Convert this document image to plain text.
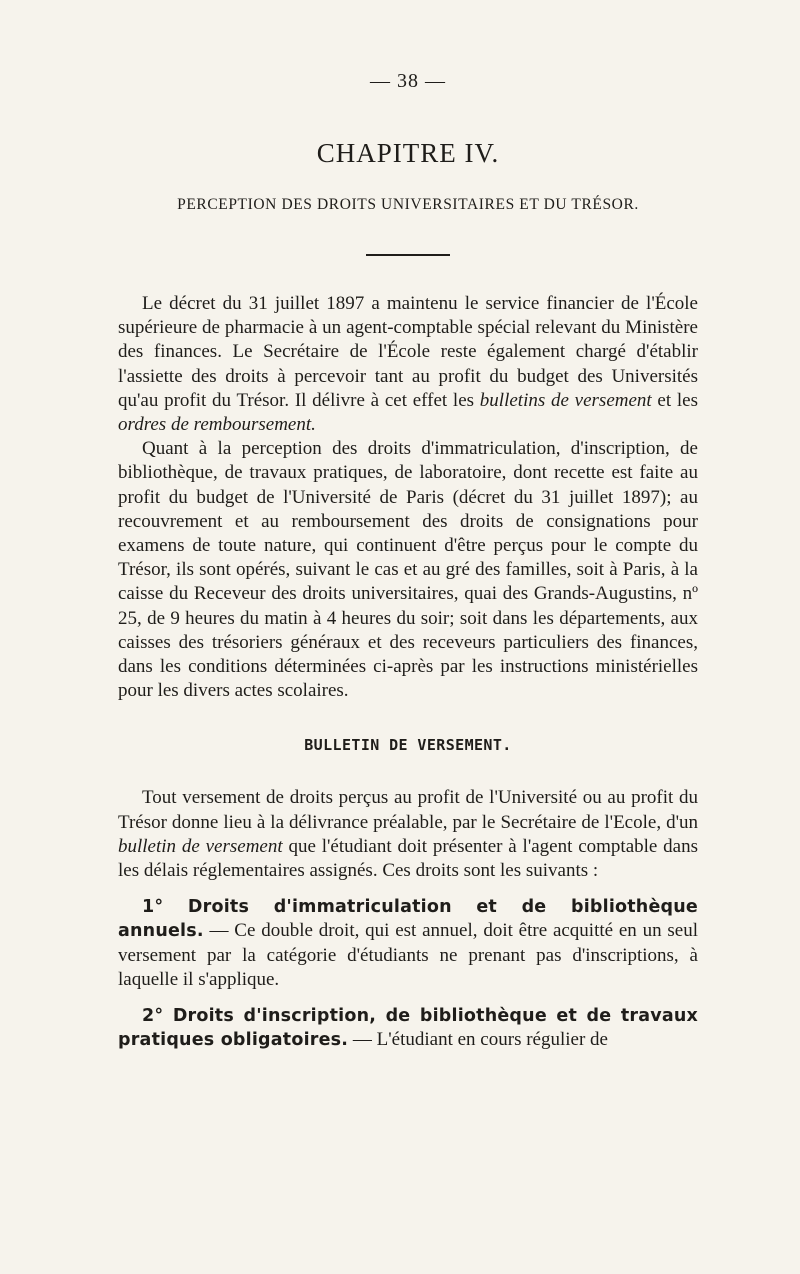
— 38 —
CHAPITRE IV.
PERCEPTION DES DROITS UNIVERSITAIRES ET DU TRÉSOR.

Le décret du 31 juillet 1897 a maintenu le service financier de l'École supérieure de pharmacie à un agent-comptable spécial relevant du Ministère des finances. Le Secrétaire de l'École reste également chargé d'établir l'assiette des droits à percevoir tant au profit du budget des Universités qu'au profit du Trésor. Il délivre à cet effet les bulletins de versement et les ordres de remboursement.

Quant à la perception des droits d'immatriculation, d'inscription, de bibliothèque, de travaux pratiques, de laboratoire, dont recette est faite au profit du budget de l'Université de Paris (décret du 31 juillet 1897); au recouvrement et au remboursement des droits de consignations pour examens de toute nature, qui continuent d'être perçus pour le compte du Trésor, ils sont opérés, suivant le cas et au gré des familles, soit à Paris, à la caisse du Receveur des droits universitaires, quai des Grands-Augustins, nº 25, de 9 heures du matin à 4 heures du soir; soit dans les départements, aux caisses des trésoriers généraux et des receveurs particuliers des finances, dans les conditions déterminées ci-après par les instructions ministérielles pour les divers actes scolaires.

BULLETIN DE VERSEMENT.

Tout versement de droits perçus au profit de l'Université ou au profit du Trésor donne lieu à la délivrance préalable, par le Secrétaire de l'Ecole, d'un bulletin de versement que l'étudiant doit présenter à l'agent comptable dans les délais réglementaires assignés. Ces droits sont les suivants :

1° Droits d'immatriculation et de bibliothèque annuels. — Ce double droit, qui est annuel, doit être acquitté en un seul versement par la catégorie d'étudiants ne prenant pas d'inscriptions, à laquelle il s'applique.

2° Droits d'inscription, de bibliothèque et de travaux pratiques obligatoires. — L'étudiant en cours régulier de
